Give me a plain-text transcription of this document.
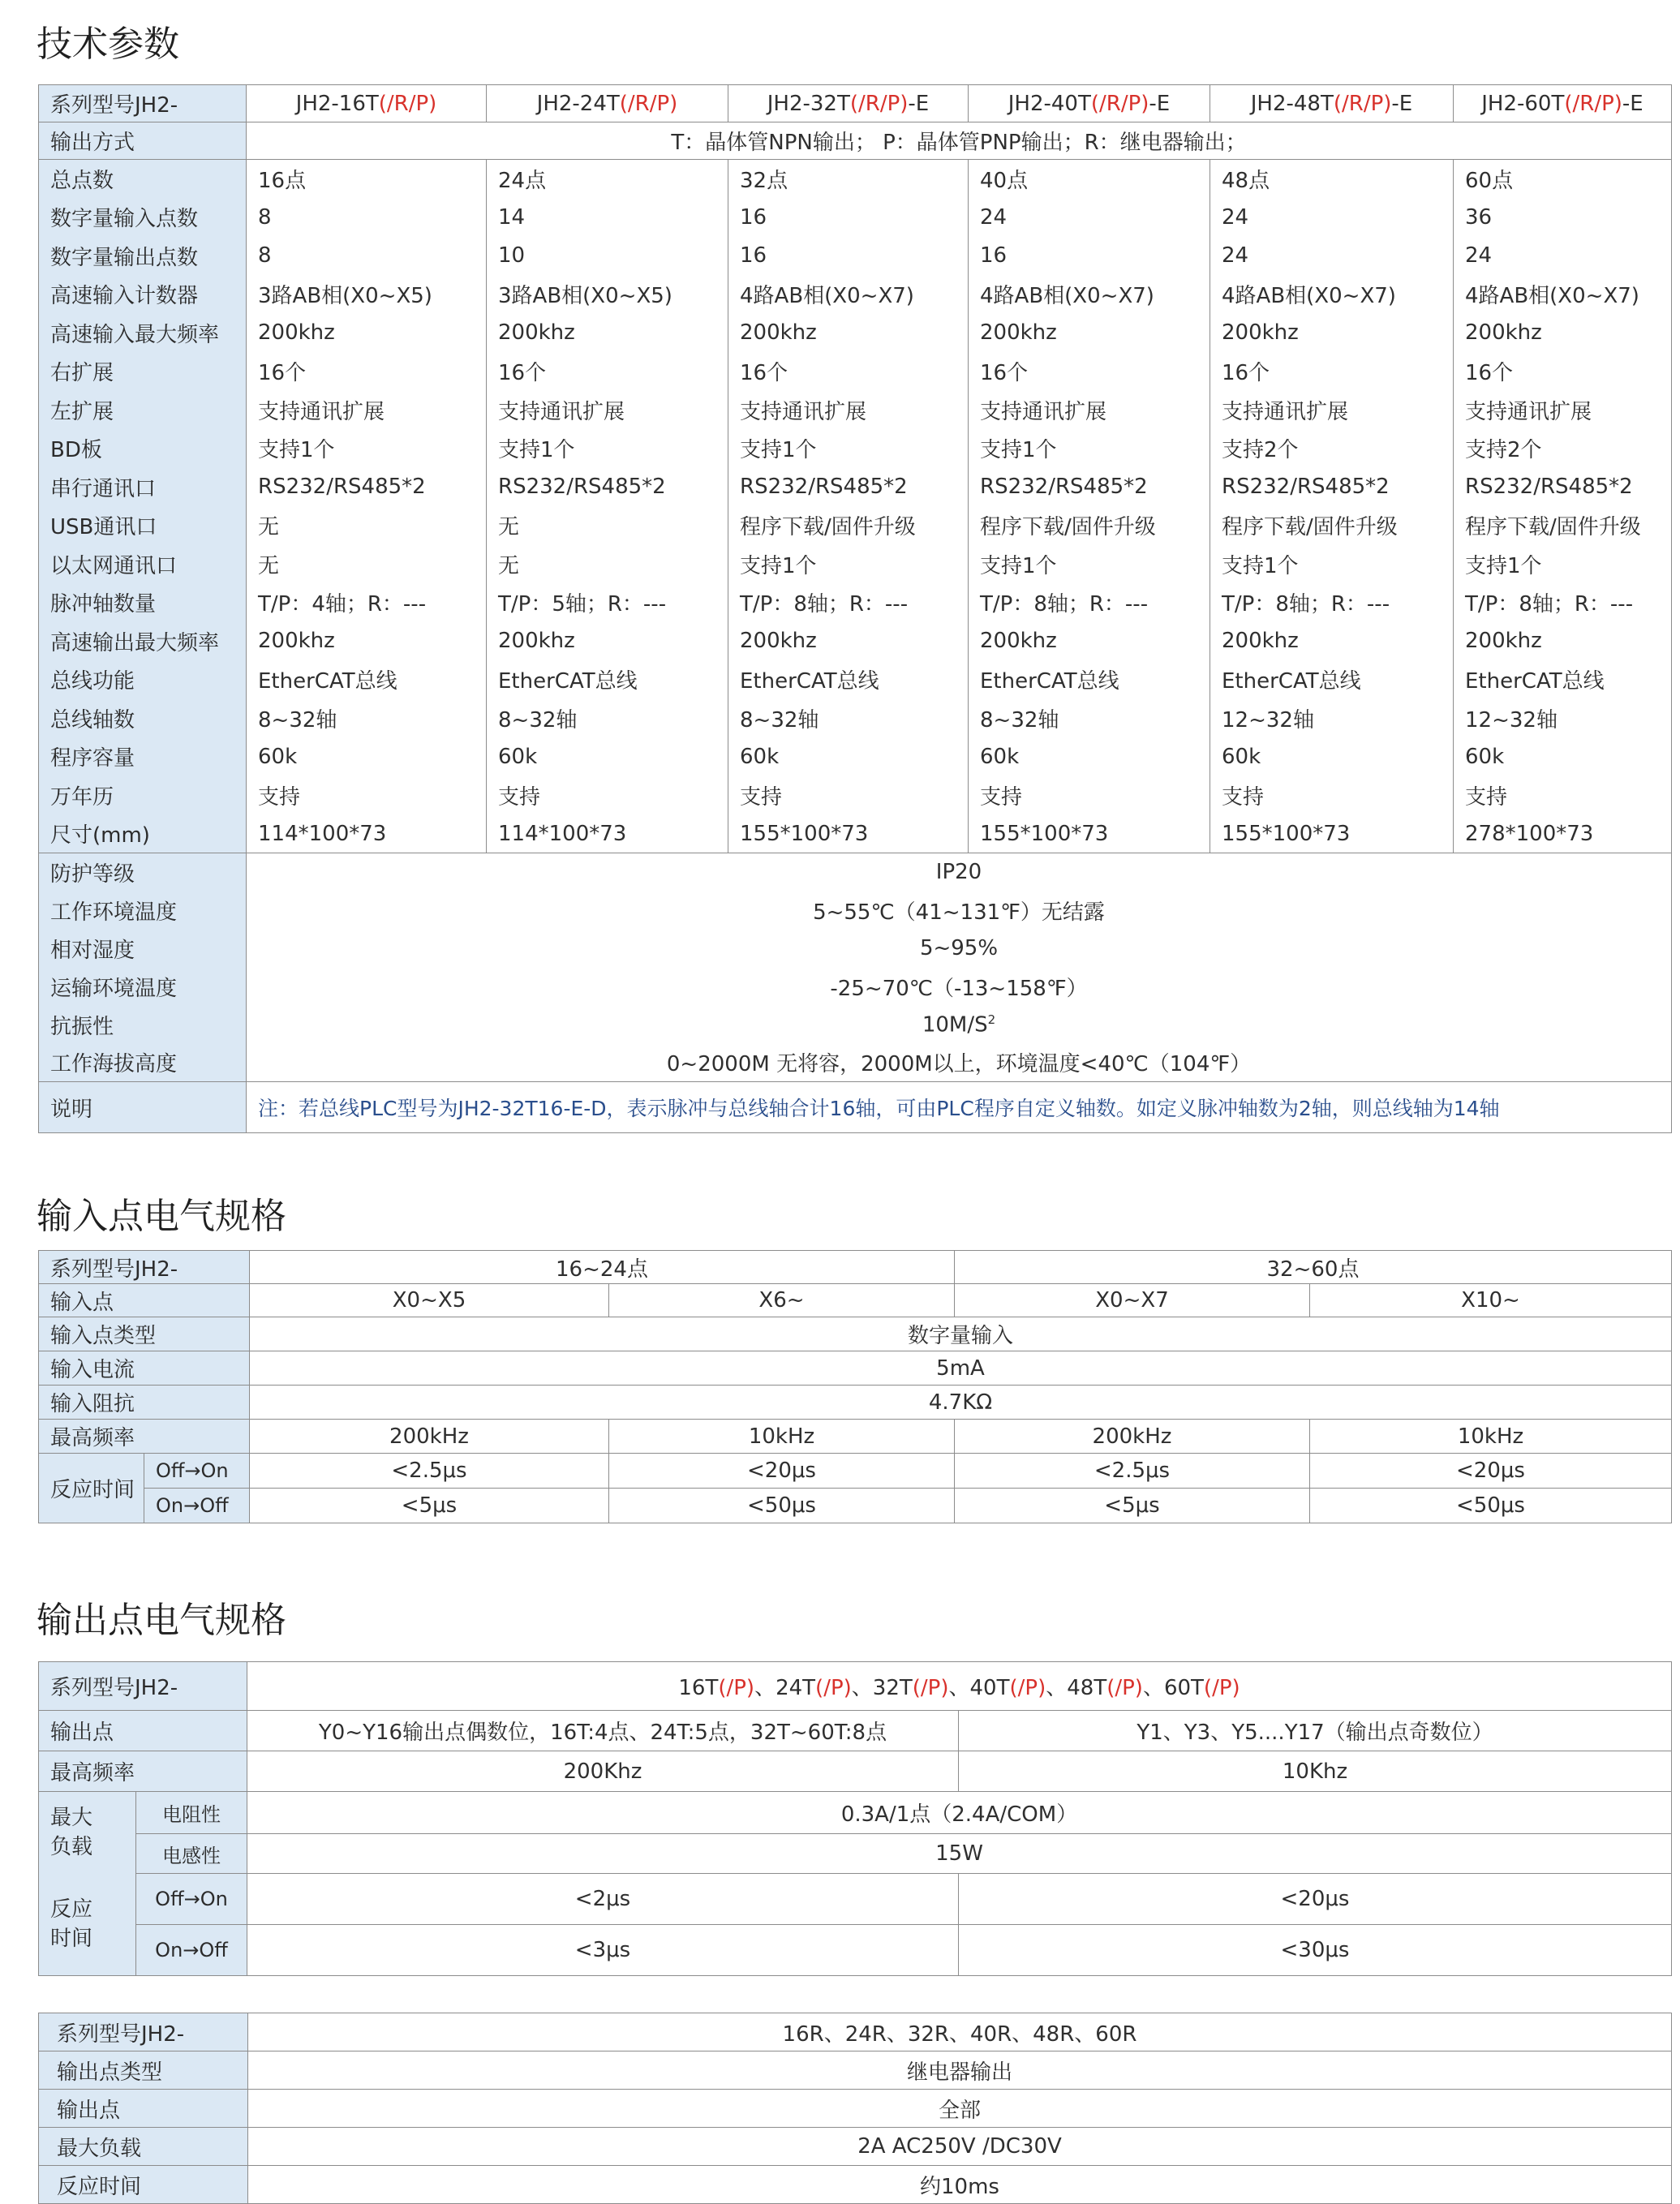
技术参数
系列型号JH2-	JH2-16T(/R/P)	JH2-24T(/R/P)	JH2-32T(/R/P)-E	JH2-40T(/R/P)-E	JH2-48T(/R/P)-E	JH2-60T(/R/P)-E
输出方式	T：晶体管NPN输出； P：晶体管PNP输出；R：继电器输出；					
总点数	16点	24点	32点	40点	48点	60点
数字量输入点数	8	14	16	24	24	36
数字量输出点数	8	10	16	16	24	24
高速输入计数器	3路AB相(X0~X5)	3路AB相(X0~X5)	4路AB相(X0~X7)	4路AB相(X0~X7)	4路AB相(X0~X7)	4路AB相(X0~X7)
高速输入最大频率	200khz	200khz	200khz	200khz	200khz	200khz
右扩展	16个	16个	16个	16个	16个	16个
左扩展	支持通讯扩展	支持通讯扩展	支持通讯扩展	支持通讯扩展	支持通讯扩展	支持通讯扩展
BD板	支持1个	支持1个	支持1个	支持1个	支持2个	支持2个
串行通讯口	RS232/RS485*2	RS232/RS485*2	RS232/RS485*2	RS232/RS485*2	RS232/RS485*2	RS232/RS485*2
USB通讯口	无	无	程序下载/固件升级	程序下载/固件升级	程序下载/固件升级	程序下载/固件升级
以太网通讯口	无	无	支持1个	支持1个	支持1个	支持1个
脉冲轴数量	T/P：4轴；R：---	T/P：5轴；R：---	T/P：8轴；R：---	T/P：8轴；R：---	T/P：8轴；R：---	T/P：8轴；R：---
高速输出最大频率	200khz	200khz	200khz	200khz	200khz	200khz
总线功能	EtherCAT总线	EtherCAT总线	EtherCAT总线	EtherCAT总线	EtherCAT总线	EtherCAT总线
总线轴数	8~32轴	8~32轴	8~32轴	8~32轴	12~32轴	12~32轴
程序容量	60k	60k	60k	60k	60k	60k
万年历	支持	支持	支持	支持	支持	支持
尺寸(mm)	114*100*73	114*100*73	155*100*73	155*100*73	155*100*73	278*100*73
防护等级	IP20					
工作环境温度	5~55℃（41~131℉）无结露					
相对湿度	5~95%					
运输环境温度	-25~70℃（-13~158℉）					
抗振性	$10M/S^2$
工作海拔高度	0~2000M 无将容，2000M以上，环境温度<40℃（104℉）					
说明	注：若总线PLC型号为JH2-32T16-E-D，表示脉冲与总线轴合计16轴，可由PLC程序自定义轴数。如定义脉冲轴数为2轴，则总线轴为14轴					
输入点电气规格
系列型号JH2-		16~24点		32~60点	
输入点		X0~X5	X6~	X0~X7	X10~
输入点类型		数字量输入			
输入电流		5mA			
输入阻抗		4.7KΩ			
最高频率		200kHz	10kHz	200kHz	10kHz
反应时间	Off→On	<2.5μs	<20μs	<2.5μs	<20μs
	On→Off	<5μs	<50μs	<5μs	<50μs
输出点电气规格
系列型号JH2-		16T(/P)、24T(/P)、32T(/P)、40T(/P)、48T(/P)、60T(/P)	
输出点		Y0~Y16输出点偶数位，16T:4点、24T:5点，32T~60T:8点	Y1、Y3、Y5....Y17（输出点奇数位）
最高频率		200Khz	10Khz

最大
负载	电阻性	0.3A/1点（2.4A/COM）	
	电感性	15W	

反应
时间	Off→On	<2μs	<20μs
	On→Off	<3μs	<30μs
系列型号JH2-	16R、24R、32R、40R、48R、60R
输出点类型	继电器输出
输出点	全部
最大负载	2A AC250V /DC30V
反应时间	约10ms
